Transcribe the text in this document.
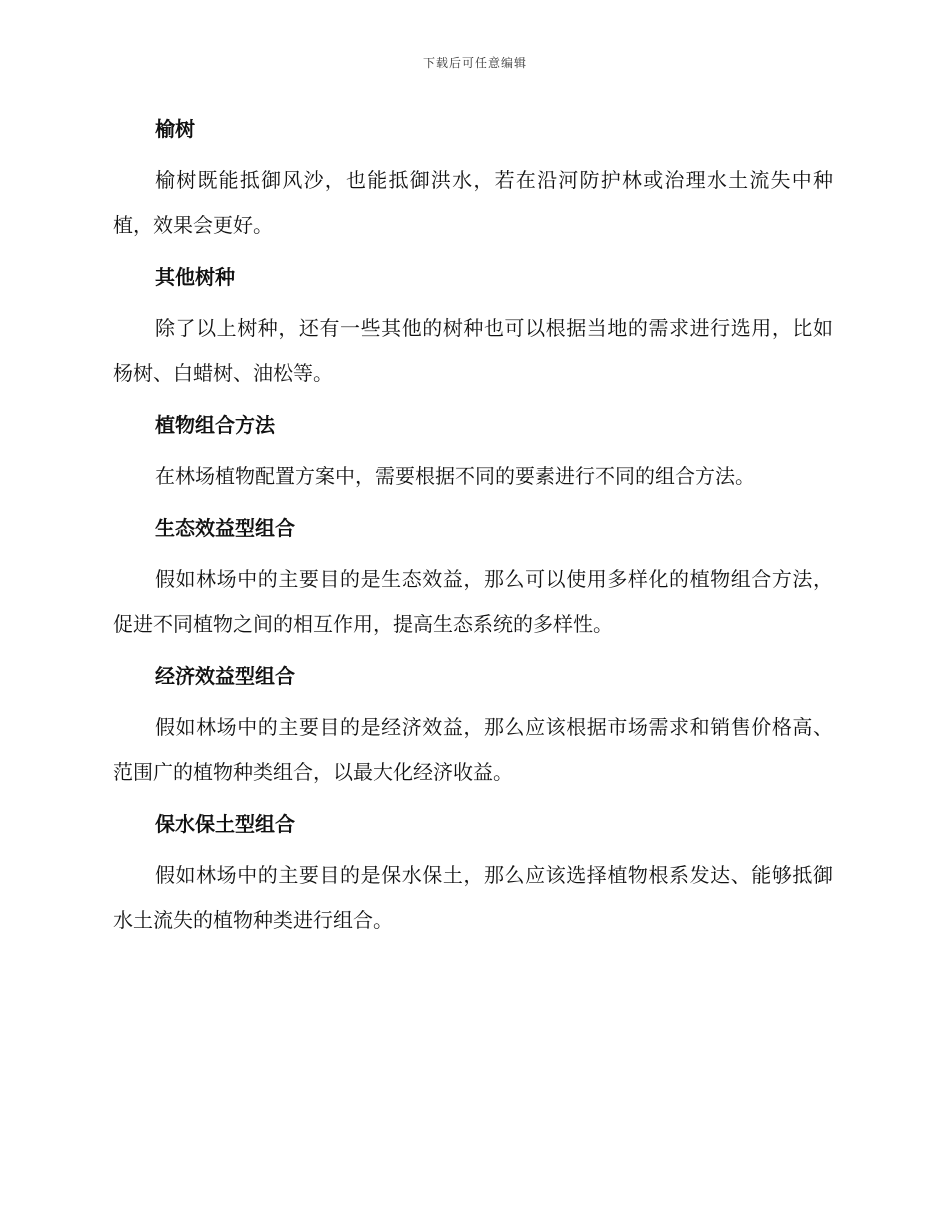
下载后可任意编辑
榆树
榆树既能抵御风沙，也能抵御洪水，若在沿河防护林或治理水土流失中种植，效果会更好。
其他树种
除了以上树种，还有一些其他的树种也可以根据当地的需求进行选用，比如杨树、白蜡树、油松等。
植物组合方法
在林场植物配置方案中，需要根据不同的要素进行不同的组合方法。
生态效益型组合
假如林场中的主要目的是生态效益，那么可以使用多样化的植物组合方法，促进不同植物之间的相互作用，提高生态系统的多样性。
经济效益型组合
假如林场中的主要目的是经济效益，那么应该根据市场需求和销售价格高、范围广的植物种类组合，以最大化经济收益。
保水保土型组合
假如林场中的主要目的是保水保土，那么应该选择植物根系发达、能够抵御水土流失的植物种类进行组合。
